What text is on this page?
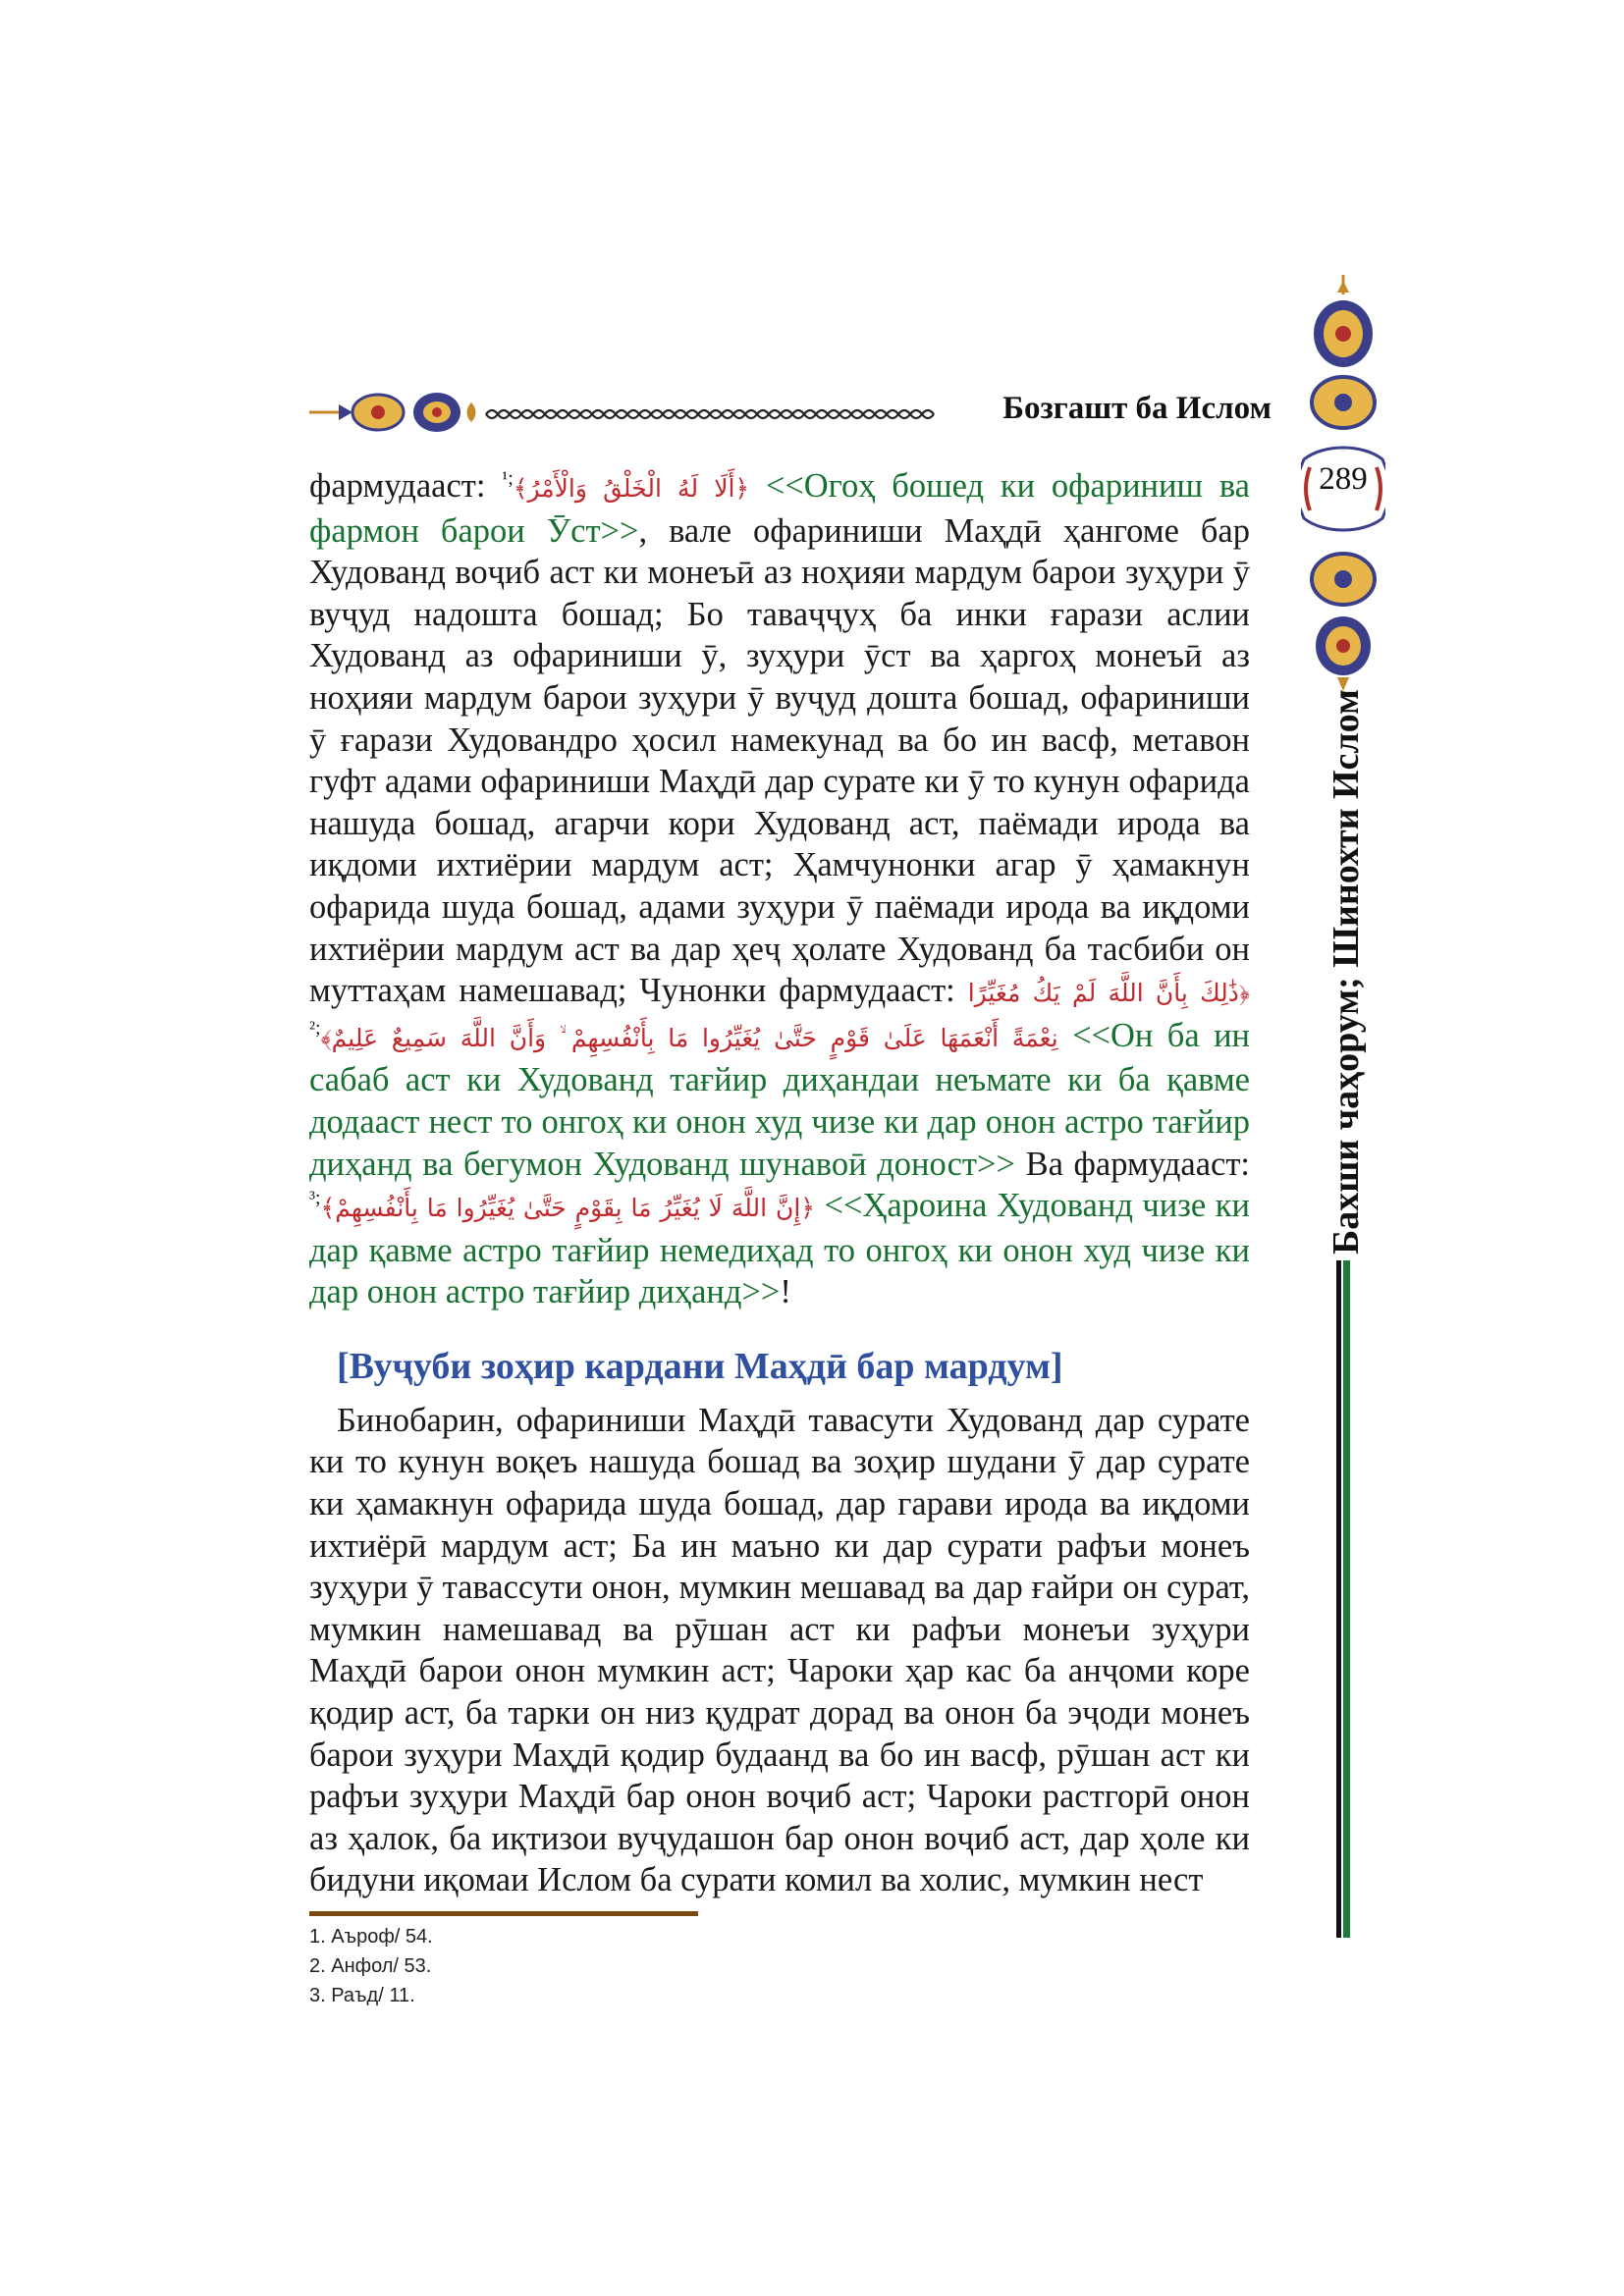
Бозгашт ба Ислом
289
Бахши чаҳорум; Шинохти Ислом

фармудааст: ﴿أَلَا لَهُ الْخَلْقُ وَالْأَمْرُ﴾$^{;^1}$	<<Огоҳ бошед ки офариниш ва фармон барои Ӯст>>, вале офариниши Маҳдӣ ҳангоме бар Худованд воҷиб аст ки монеъӣ аз ноҳияи мардум барои зуҳури ӯ вуҷуд надошта бошад; Бо таваҷҷуҳ ба инки ғарази аслии Худованд аз офариниши ӯ, зуҳури ӯст ва ҳаргоҳ монеъӣ аз ноҳияи мардум барои зуҳури ӯ вуҷуд дошта бошад, офариниши ӯ ғарази Худовандро ҳосил намекунад ва бо ин васф, метавон гуфт адами офариниши Маҳдӣ дар сурате ки ӯ то кунун офарида нашуда бошад, агарчи кори Худованд аст, паёмади ирода ва иқдоми ихтиёрии мардум аст; Ҳамчунонки агар ӯ ҳамакнун офарида шуда бошад, адами зуҳури ӯ паёмади ирода ва иқдоми ихтиёрии мардум аст ва дар ҳеҷ ҳолате Худованд ба тасбиби он муттаҳам намешавад; Чунонки фармудааст: ﴿ذَٰلِكَ بِأَنَّ اللَّهَ لَمْ يَكُ مُغَيِّرًا نِعْمَةً أَنْعَمَهَا عَلَىٰ قَوْمٍ حَتَّىٰ يُغَيِّرُوا مَا بِأَنْفُسِهِمْ ۙ وَأَنَّ اللَّهَ سَمِيعٌ عَلِيمٌ﴾$^{;^2}$	<<Он ба ин сабаб аст ки Худованд тағйир диҳандаи неъмате ки ба қавме додааст нест то онгоҳ ки онон худ чизе ки дар онон астро тағйир диҳанд ва бегумон Худованд шунавоӣ доност>> Ва фармудааст: ﴿إِنَّ اللَّهَ لَا يُغَيِّرُ مَا بِقَوْمٍ حَتَّىٰ يُغَيِّرُوا مَا بِأَنْفُسِهِمْ﴾$^{;^3}$	<<Ҳароина Худованд чизе ки дар қавме астро тағйир немедиҳад то онгоҳ ки онон худ чизе ки дар онон астро тағйир диҳанд>>!

[Вуҷуби зоҳир кардани Маҳдӣ бар мардум]

Бинобарин, офариниши Маҳдӣ тавасути Худованд дар сурате ки то кунун воқеъ нашуда бошад ва зоҳир шудани ӯ дар сурате ки ҳамакнун офарида шуда бошад, дар гарави ирода ва иқдоми ихтиёрӣ мардум аст; Ба ин маъно ки дар сурати рафъи монеъ зуҳури ӯ тавассути онон, мумкин мешавад ва дар ғайри он сурат, мумкин намешавад ва рӯшан аст ки рафъи монеъи зуҳури Маҳдӣ барои онон мумкин аст; Чароки ҳар кас ба анҷоми коре қодир аст, ба тарки он низ қудрат дорад ва онон ба эҷоди монеъ барои зуҳури Маҳдӣ қодир будаанд ва бо ин васф, рӯшан аст ки рафъи зуҳури Маҳдӣ бар онон воҷиб аст; Чароки растгорӣ онон аз ҳалок, ба иқтизои вуҷудашон бар онон воҷиб аст, дар ҳоле ки бидуни иқомаи Ислом ба сурати комил ва холис, мумкин нест

1. Аъроф/ 54.
2. Анфол/ 53.
3. Раъд/ 11.
